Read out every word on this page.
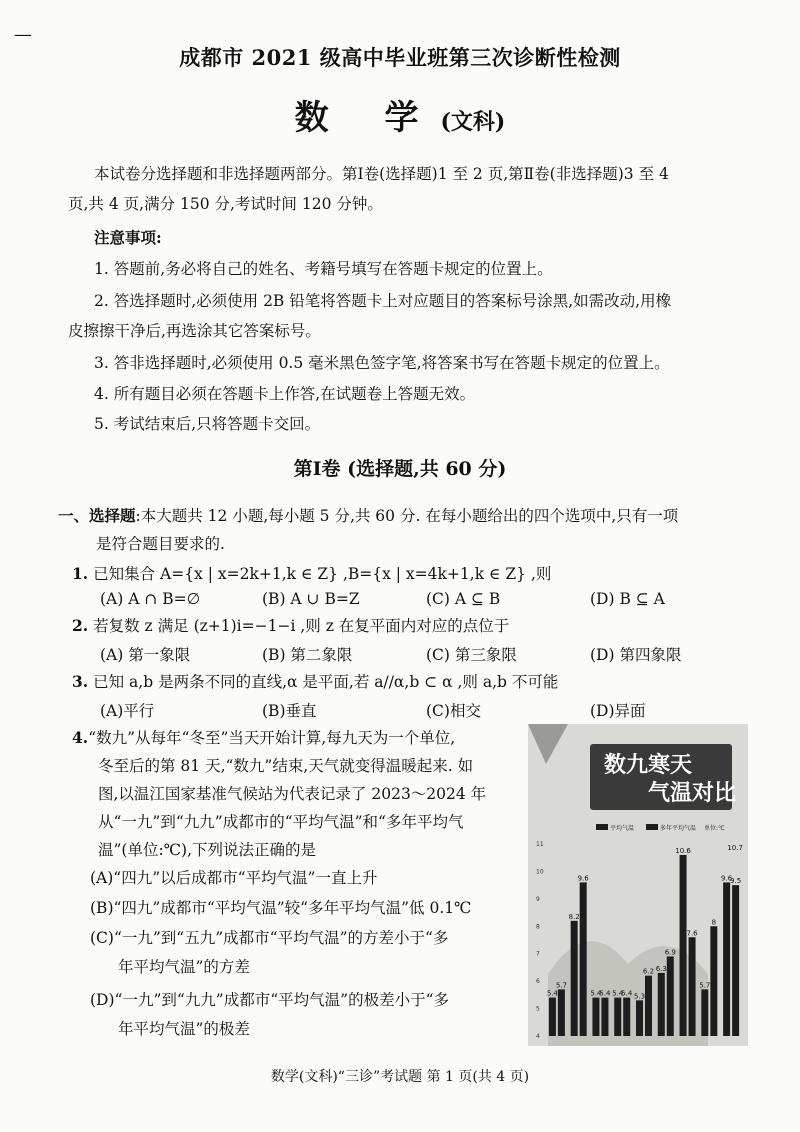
—
成都市 2021 级高中毕业班第三次诊断性检测
数 学(文科)
本试卷分选择题和非选择题两部分。第Ⅰ卷(选择题)1 至 2 页,第Ⅱ卷(非选择题)3 至 4
页,共 4 页,满分 150 分,考试时间 120 分钟。
注意事项:
1. 答题前,务必将自己的姓名、考籍号填写在答题卡规定的位置上。
2. 答选择题时,必须使用 2B 铅笔将答题卡上对应题目的答案标号涂黑,如需改动,用橡
皮擦擦干净后,再选涂其它答案标号。
3. 答非选择题时,必须使用 0.5 毫米黑色签字笔,将答案书写在答题卡规定的位置上。
4. 所有题目必须在答题卡上作答,在试题卷上答题无效。
5. 考试结束后,只将答题卡交回。
第Ⅰ卷 (选择题,共 60 分)
一、选择题:本大题共 12 小题,每小题 5 分,共 60 分. 在每小题给出的四个选项中,只有一项
是符合题目要求的.
1. 已知集合 A={x | x=2k+1,k ∈ Z} ,B={x | x=4k+1,k ∈ Z} ,则
(A) A ∩ B=∅	(B) A ∪ B=Z	(C) A ⊆ B	(D) B ⊆ A
2. 若复数 z 满足 (z+1)i=−1−i ,则 z 在复平面内对应的点位于
(A) 第一象限	(B) 第二象限	(C) 第三象限	(D) 第四象限
3. 已知 a,b 是两条不同的直线,α 是平面,若 a//α,b ⊂ α ,则 a,b 不可能
(A)平行	(B)垂直	(C)相交	(D)异面
4.“数九”从每年“冬至”当天开始计算,每九天为一个单位,
冬至后的第 81 天,“数九”结束,天气就变得温暖起来. 如
图,以温江国家基准气候站为代表记录了 2023～2024 年
从“一九”到“九九”成都市的“平均气温”和“多年平均气
温”(单位:℃),下列说法正确的是
(A)“四九”以后成都市“平均气温”一直上升
(B)“四九”成都市“平均气温”较“多年平均气温”低 0.1℃
(C)“一九”到“五九”成都市“平均气温”的方差小于“多
年平均气温”的方差
(D)“一九”到“九九”成都市“平均气温”的极差小于“多
年平均气温”的极差
数九寒天
气温对比
平均气温	多年平均气温 单位:℃
11
10
9
8
7
6
5
4
5.4
8.2
5.4 5.4 5.3
6.3
10.6
5.7
9.6
5.7
9.6
5.4 5.4
6.2
6.9
7.6
8
9.5
10.7
数学(文科)“三诊”考试题 第 1 页(共 4 页)
